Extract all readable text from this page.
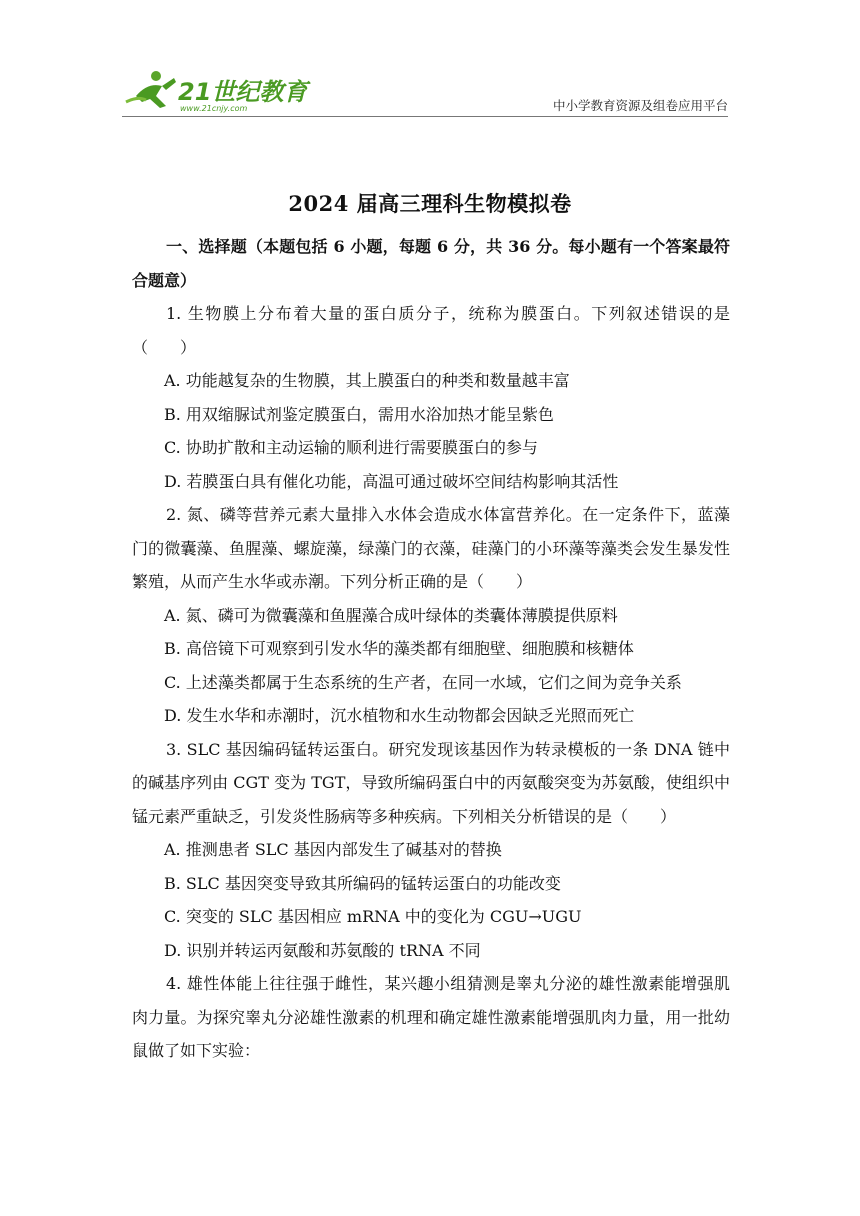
21世纪教育
www.21cnjy.com	中小学教育资源及组卷应用平台
2024 届高三理科生物模拟卷

一、选择题（本题包括 6 小题，每题 6 分，共 36 分。每小题有一个答案最符合题意）

1. 生物膜上分布着大量的蛋白质分子，统称为膜蛋白。下列叙述错误的是（　　）

A. 功能越复杂的生物膜，其上膜蛋白的种类和数量越丰富

B. 用双缩脲试剂鉴定膜蛋白，需用水浴加热才能呈紫色

C. 协助扩散和主动运输的顺利进行需要膜蛋白的参与

D. 若膜蛋白具有催化功能，高温可通过破坏空间结构影响其活性

2. 氮、磷等营养元素大量排入水体会造成水体富营养化。在一定条件下，蓝藻门的微囊藻、鱼腥藻、螺旋藻，绿藻门的衣藻，硅藻门的小环藻等藻类会发生暴发性繁殖，从而产生水华或赤潮。下列分析正确的是（　　）

A. 氮、磷可为微囊藻和鱼腥藻合成叶绿体的类囊体薄膜提供原料

B. 高倍镜下可观察到引发水华的藻类都有细胞壁、细胞膜和核糖体

C. 上述藻类都属于生态系统的生产者，在同一水域，它们之间为竞争关系

D. 发生水华和赤潮时，沉水植物和水生动物都会因缺乏光照而死亡

3. SLC 基因编码锰转运蛋白。研究发现该基因作为转录模板的一条 DNA 链中的碱基序列由 CGT 变为 TGT，导致所编码蛋白中的丙氨酸突变为苏氨酸，使组织中锰元素严重缺乏，引发炎性肠病等多种疾病。下列相关分析错误的是（　　）

A. 推测患者 SLC 基因内部发生了碱基对的替换

B. SLC 基因突变导致其所编码的锰转运蛋白的功能改变

C. 突变的 SLC 基因相应 mRNA 中的变化为 CGU→UGU

D. 识别并转运丙氨酸和苏氨酸的 tRNA 不同

4. 雄性体能上往往强于雌性，某兴趣小组猜测是睾丸分泌的雄性激素能增强肌肉力量。为探究睾丸分泌雄性激素的机理和确定雄性激素能增强肌肉力量，用一批幼鼠做了如下实验：
